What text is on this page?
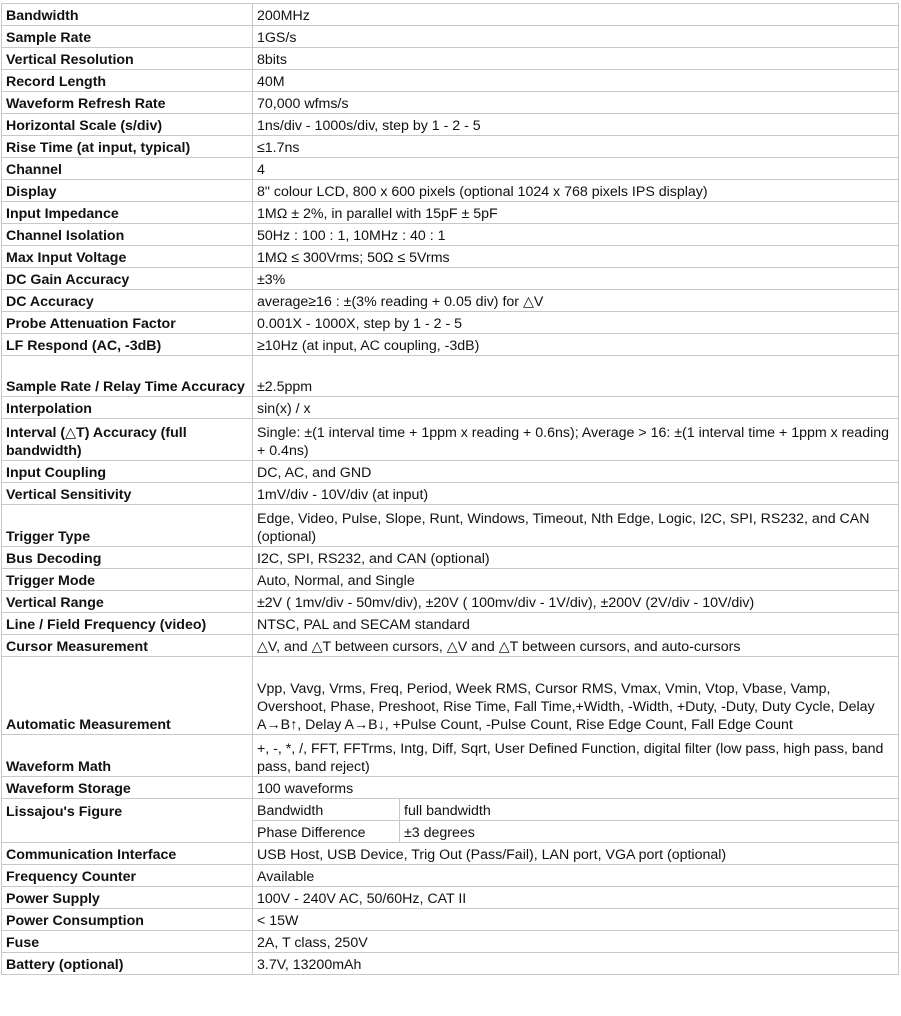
Bandwidth	200MHz	
Sample Rate	1GS/s	
Vertical Resolution	8bits	
Record Length	40M	
Waveform Refresh Rate	70,000 wfms/s	
Horizontal Scale (s/div)	1ns/div - 1000s/div, step by 1 - 2 - 5	
Rise Time (at input, typical)	≤1.7ns	
Channel	4	
Display	8" colour LCD, 800 x 600 pixels (optional 1024 x 768 pixels IPS display)	
Input Impedance	1MΩ ± 2%, in parallel with 15pF ± 5pF	
Channel Isolation	50Hz : 100 : 1, 10MHz : 40 : 1	
Max Input Voltage	1MΩ ≤ 300Vrms; 50Ω ≤ 5Vrms	
DC Gain Accuracy	±3%	
DC Accuracy	average≥16 : ±(3% reading + 0.05 div) for △V	
Probe Attenuation Factor	0.001X - 1000X, step by 1 - 2 - 5	
LF Respond (AC, -3dB)	≥10Hz (at input, AC coupling, -3dB)	
Sample Rate / Relay Time Accuracy	±2.5ppm	
Interpolation	sin(x) / x	
Interval (△T) Accuracy (full bandwidth)	Single: ±(1 interval time + 1ppm x reading + 0.6ns); Average > 16: ±(1 interval time + 1ppm x reading + 0.4ns)	
Input Coupling	DC, AC, and GND	
Vertical Sensitivity	1mV/div - 10V/div (at input)	
Trigger Type	Edge, Video, Pulse, Slope, Runt, Windows, Timeout, Nth Edge, Logic, I2C, SPI, RS232, and CAN (optional)	
Bus Decoding	I2C, SPI, RS232, and CAN (optional)	
Trigger Mode	Auto, Normal, and Single	
Vertical Range	±2V ( 1mv/div - 50mv/div), ±20V ( 100mv/div - 1V/div), ±200V (2V/div - 10V/div)	
Line / Field Frequency (video)	NTSC, PAL and SECAM standard	
Cursor Measurement	△V, and △T between cursors, △V and △T between cursors, and auto-cursors	
Automatic Measurement	Vpp, Vavg, Vrms, Freq, Period, Week RMS, Cursor RMS, Vmax, Vmin, Vtop, Vbase, Vamp, Overshoot, Phase, Preshoot, Rise Time, Fall Time,+Width, -Width, +Duty, -Duty, Duty Cycle, Delay A→B↑, Delay A→B↓, +Pulse Count, -Pulse Count, Rise Edge Count, Fall Edge Count	
Waveform Math	+, -, *, /, FFT, FFTrms, Intg, Diff, Sqrt, User Defined Function, digital filter (low pass, high pass, band pass, band reject)	
Waveform Storage	100 waveforms	
Lissajou's Figure	Bandwidth	full bandwidth
	Phase Difference	±3 degrees
Communication Interface	USB Host, USB Device, Trig Out (Pass/Fail), LAN port, VGA port (optional)	
Frequency Counter	Available	
Power Supply	100V - 240V AC, 50/60Hz, CAT II	
Power Consumption	< 15W	
Fuse	2A, T class, 250V	
Battery (optional)	3.7V, 13200mAh	
